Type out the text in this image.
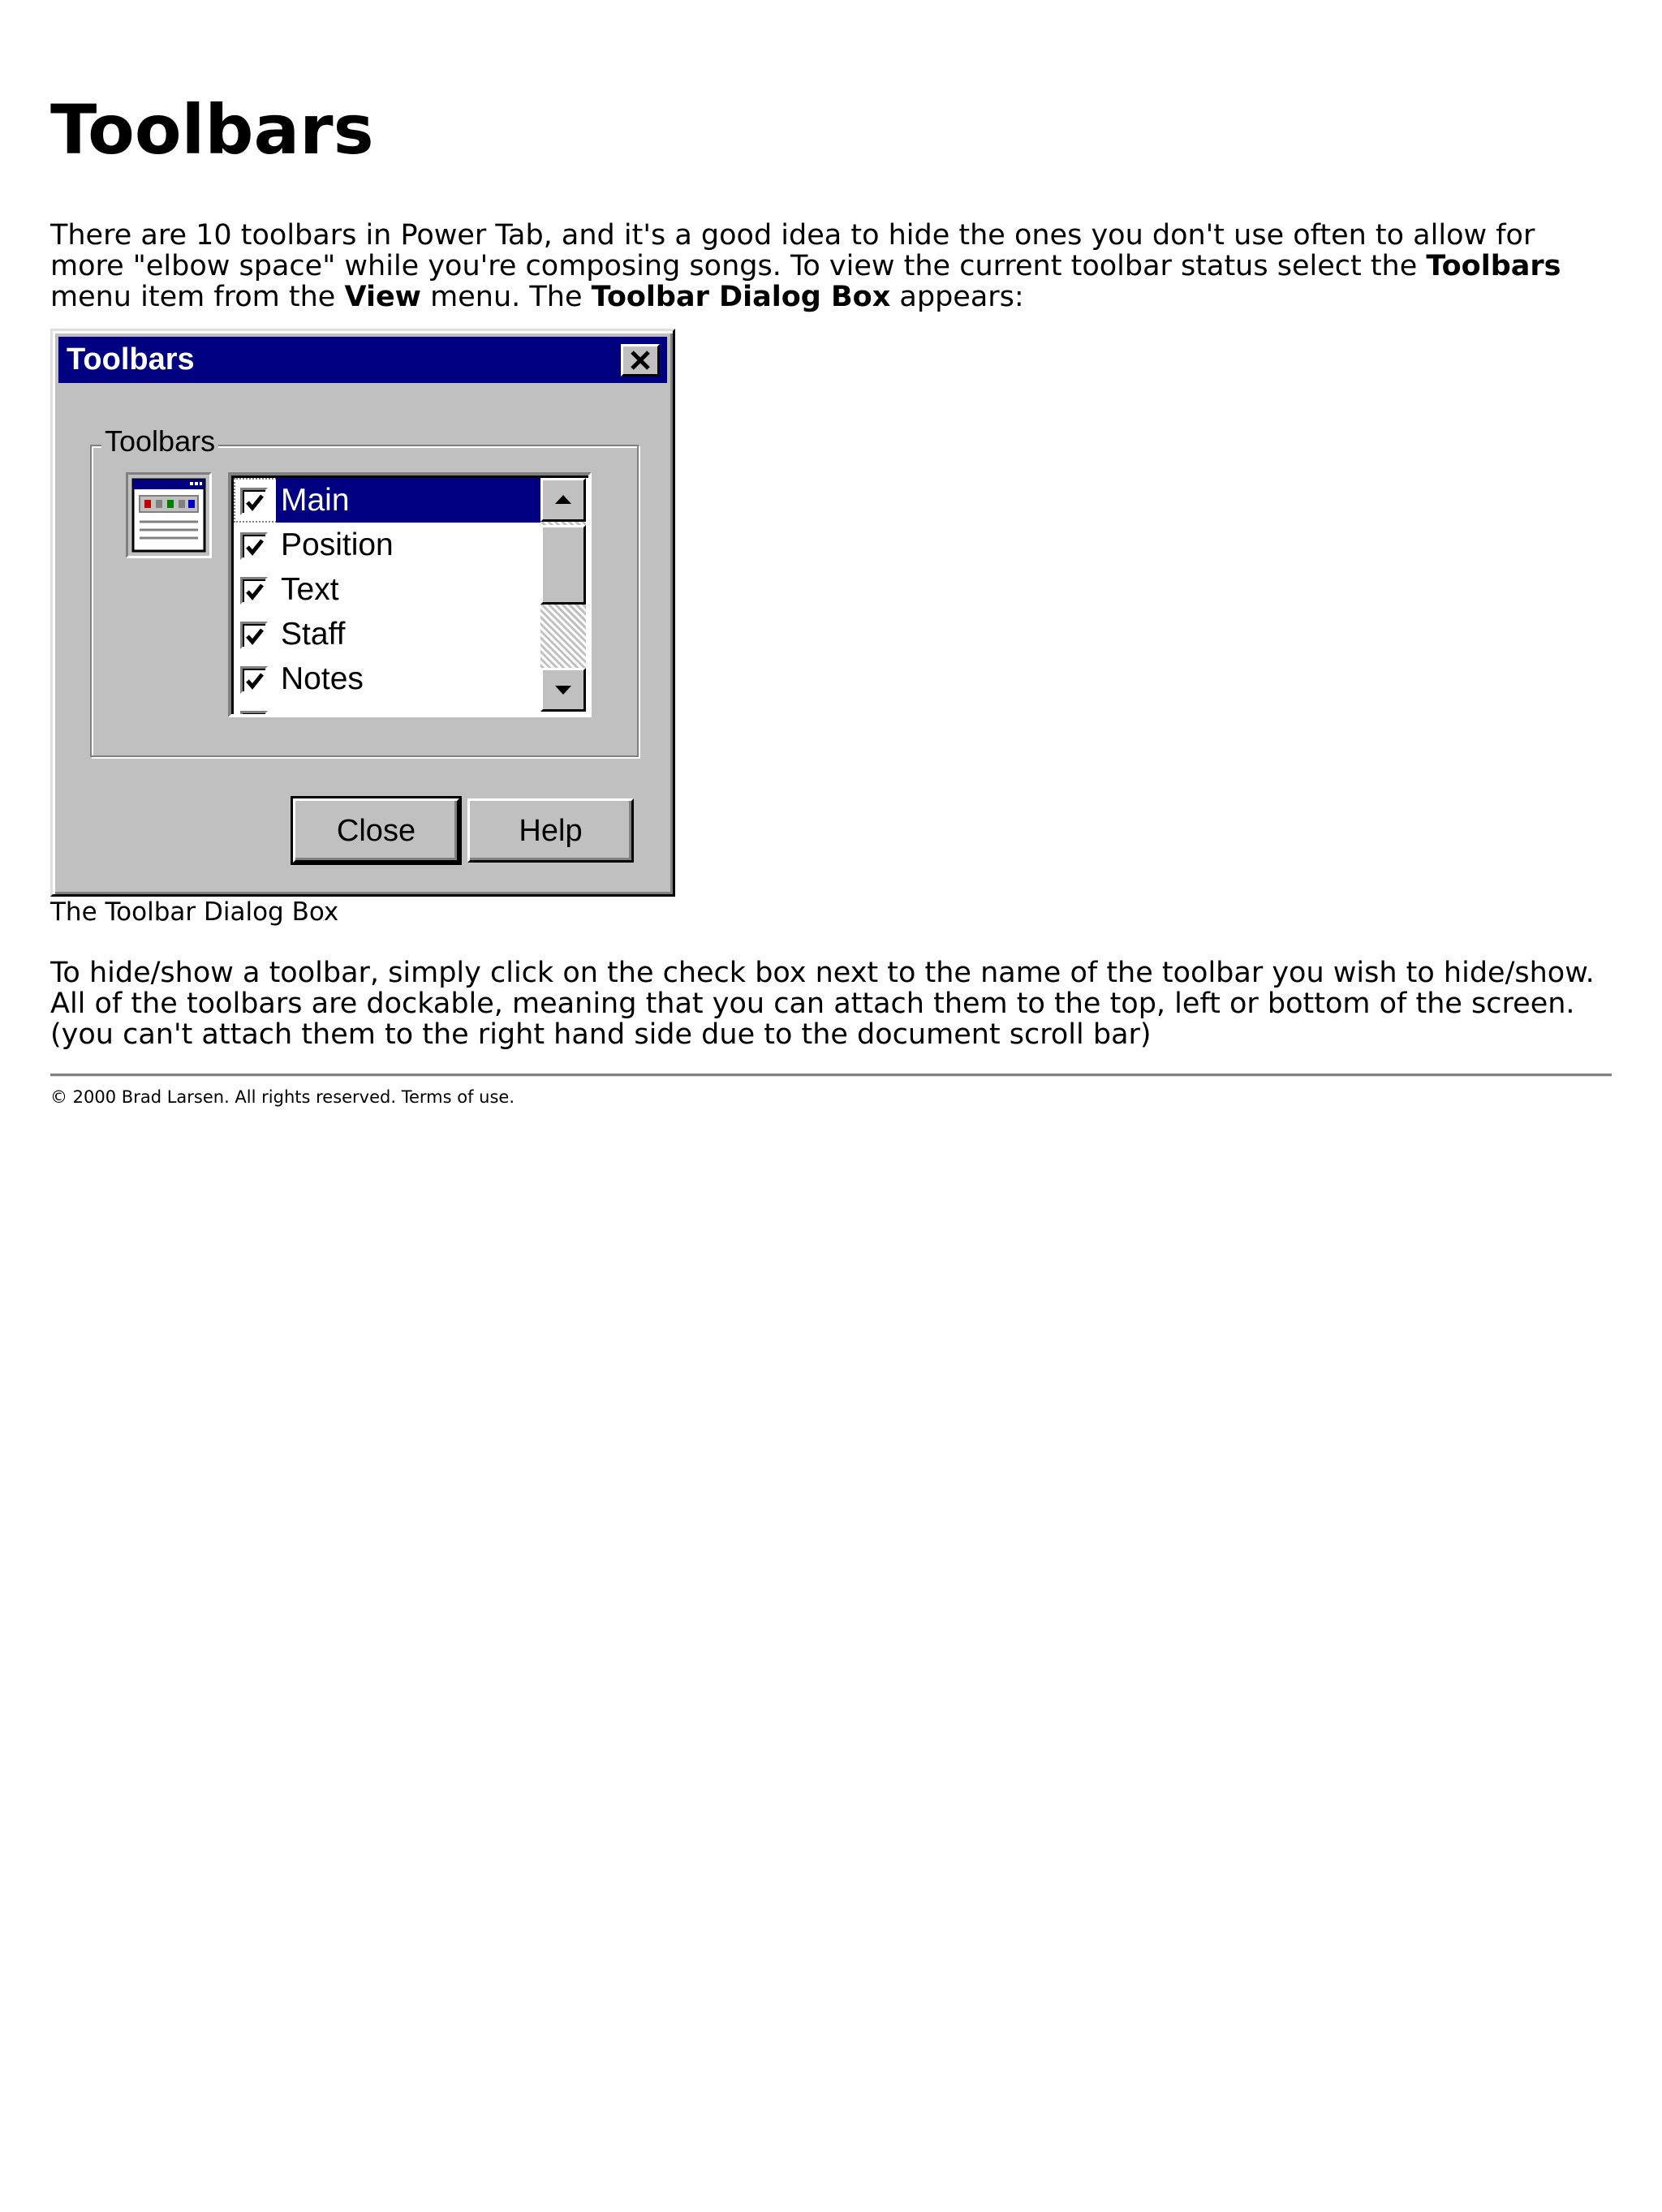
Toolbars

There are 10 toolbars in Power Tab, and it's a good idea to hide the ones you don't use often to allow for more "elbow space" while you're composing songs. To view the current toolbar status select the Toolbars menu item from the View menu. The Toolbar Dialog Box appears:

Toolbars
Toolbars
Main
Position
Text
Staff
Notes
Close	Help

The Toolbar Dialog Box

To hide/show a toolbar, simply click on the check box next to the name of the toolbar you wish to hide/show. All of the toolbars are dockable, meaning that you can attach them to the top, left or bottom of the screen. (you can't attach them to the right hand side due to the document scroll bar)

© 2000 Brad Larsen. All rights reserved. Terms of use.
